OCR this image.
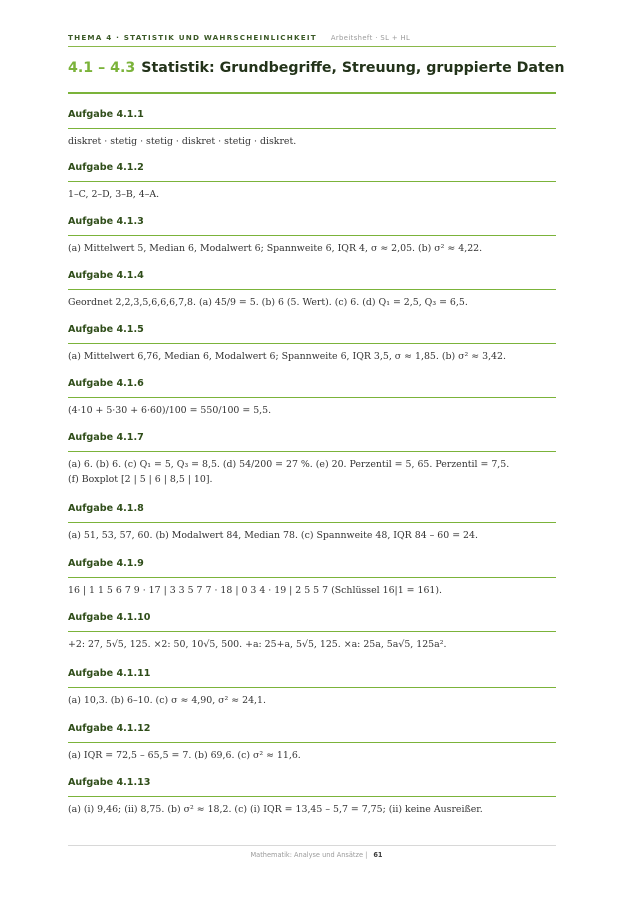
THEMA 4 · STATISTIK UND WAHRSCHEINLICHKEIT Arbeitsheft · SL + HL
4.1 – 4.3 Statistik: Grundbegriffe, Streuung, gruppierte Daten
Aufgabe 4.1.1
diskret · stetig · stetig · diskret · stetig · diskret.
Aufgabe 4.1.2
1–C, 2–D, 3–B, 4–A.
Aufgabe 4.1.3
(a) Mittelwert 5, Median 6, Modalwert 6; Spannweite 6, IQR 4, σ ≈ 2,05. (b) σ² ≈ 4,22.
Aufgabe 4.1.4
Geordnet 2,2,3,5,6,6,6,7,8. (a) 45/9 = 5. (b) 6 (5. Wert). (c) 6. (d) Q₁ = 2,5, Q₃ = 6,5.
Aufgabe 4.1.5
(a) Mittelwert 6,76, Median 6, Modalwert 6; Spannweite 6, IQR 3,5, σ ≈ 1,85. (b) σ² ≈ 3,42.
Aufgabe 4.1.6
(4·10 + 5·30 + 6·60)/100 = 550/100 = 5,5.
Aufgabe 4.1.7
(a) 6. (b) 6. (c) Q₁ = 5, Q₃ = 8,5. (d) 54/200 = 27 %. (e) 20. Perzentil = 5, 65. Perzentil = 7,5.
(f) Boxplot [2 | 5 | 6 | 8,5 | 10].
Aufgabe 4.1.8
(a) 51, 53, 57, 60. (b) Modalwert 84, Median 78. (c) Spannweite 48, IQR 84 – 60 = 24.
Aufgabe 4.1.9
16 | 1 1 5 6 7 9 · 17 | 3 3 5 7 7 · 18 | 0 3 4 · 19 | 2 5 5 7 (Schlüssel 16|1 = 161).
Aufgabe 4.1.10
+2: 27, 5√5, 125. ×2: 50, 10√5, 500. +a: 25+a, 5√5, 125. ×a: 25a, 5a√5, 125a².
Aufgabe 4.1.11
(a) 10,3. (b) 6–10. (c) σ ≈ 4,90, σ² ≈ 24,1.
Aufgabe 4.1.12
(a) IQR = 72,5 – 65,5 = 7. (b) 69,6. (c) σ² ≈ 11,6.
Aufgabe 4.1.13
(a) (i) 9,46; (ii) 8,75. (b) σ² ≈ 18,2. (c) (i) IQR = 13,45 – 5,7 = 7,75; (ii) keine Ausreißer.
Mathematik: Analyse und Ansätze | 61
